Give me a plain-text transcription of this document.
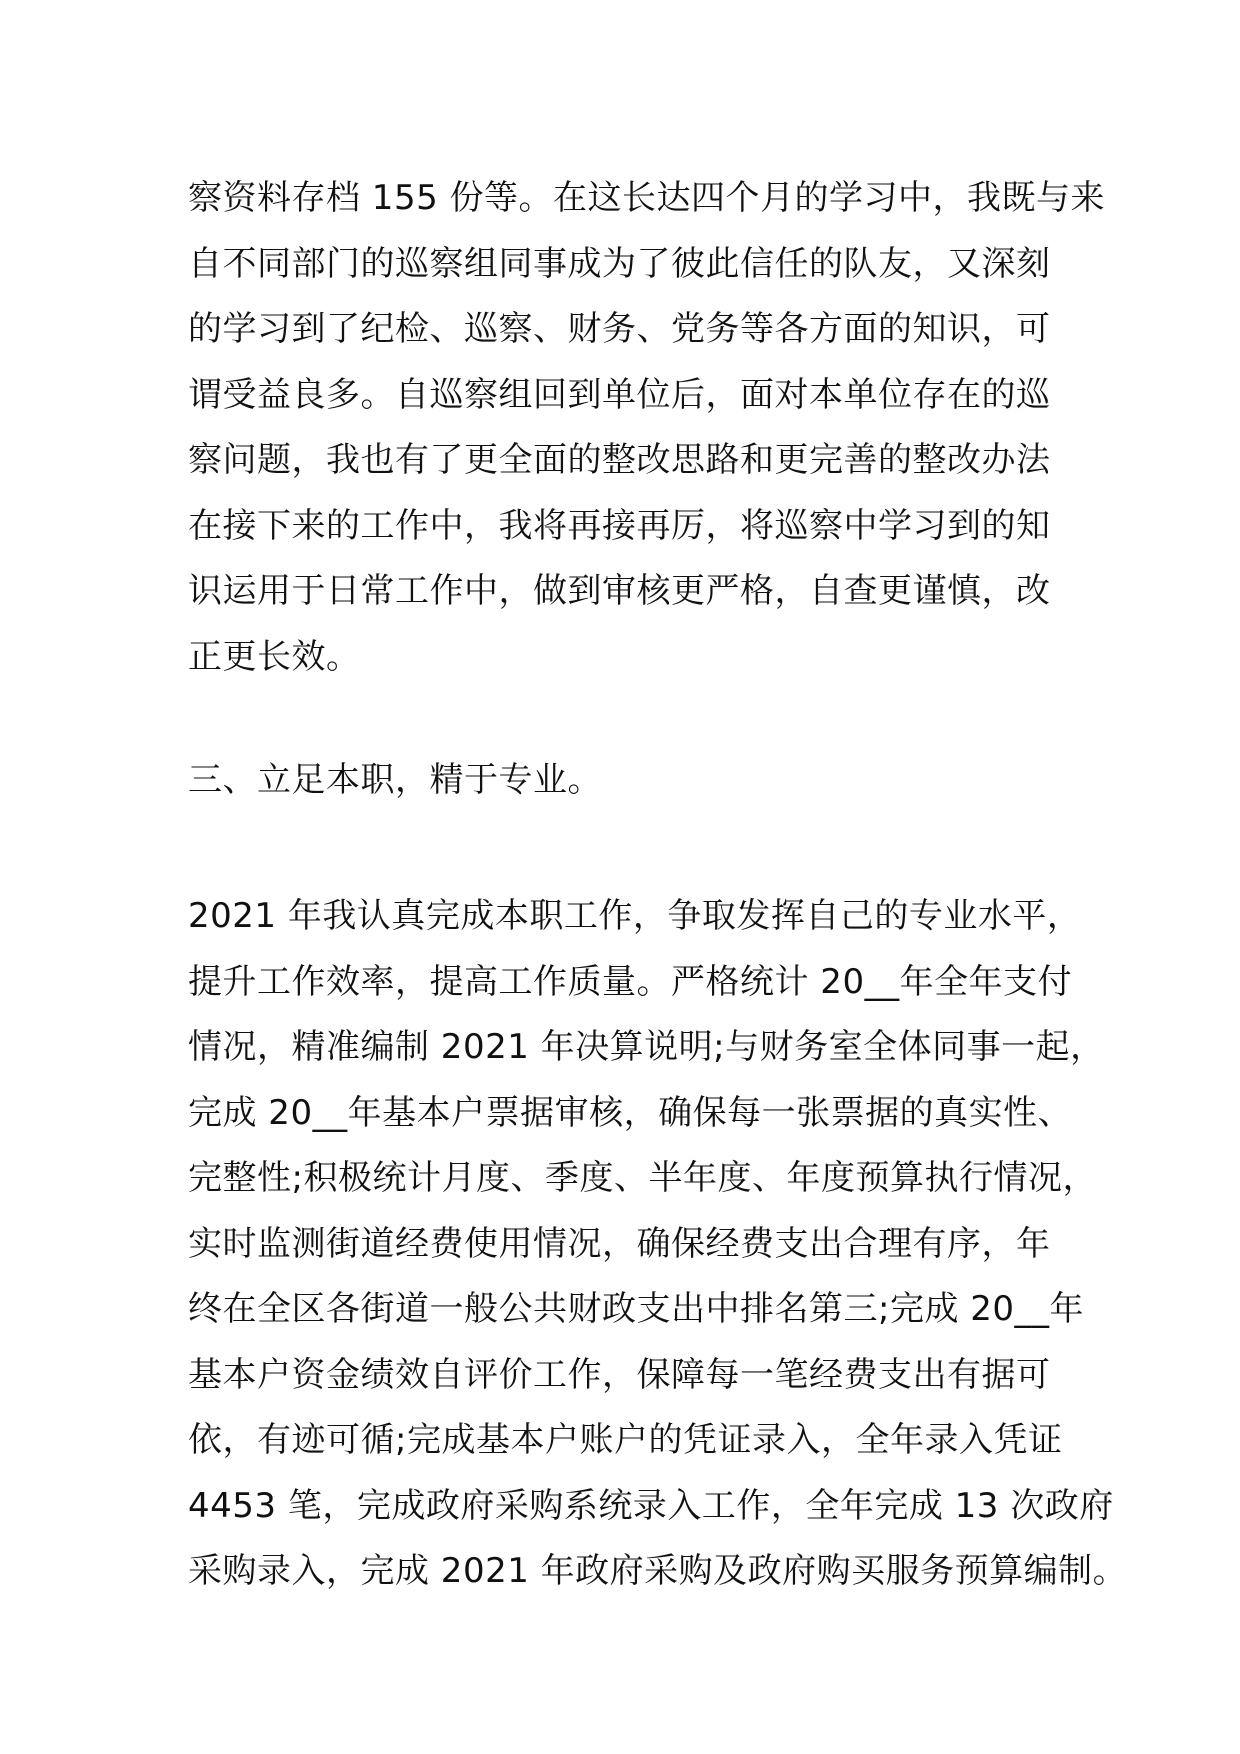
察资料存档 155 份等。在这长达四个月的学习中，我既与来
自不同部门的巡察组同事成为了彼此信任的队友，又深刻
的学习到了纪检、巡察、财务、党务等各方面的知识，可
谓受益良多。自巡察组回到单位后，面对本单位存在的巡
察问题，我也有了更全面的整改思路和更完善的整改办法
在接下来的工作中，我将再接再厉，将巡察中学习到的知
识运用于日常工作中，做到审核更严格，自查更谨慎，改
正更长效。
三、立足本职，精于专业。
2021 年我认真完成本职工作，争取发挥自己的专业水平，
提升工作效率，提高工作质量。严格统计 20__年全年支付
情况，精准编制 2021 年决算说明;与财务室全体同事一起，
完成 20__年基本户票据审核，确保每一张票据的真实性、
完整性;积极统计月度、季度、半年度、年度预算执行情况，
实时监测街道经费使用情况，确保经费支出合理有序，年
终在全区各街道一般公共财政支出中排名第三;完成 20__年
基本户资金绩效自评价工作，保障每一笔经费支出有据可
依，有迹可循;完成基本户账户的凭证录入，全年录入凭证
4453 笔，完成政府采购系统录入工作，全年完成 13 次政府
采购录入，完成 2021 年政府采购及政府购买服务预算编制。
